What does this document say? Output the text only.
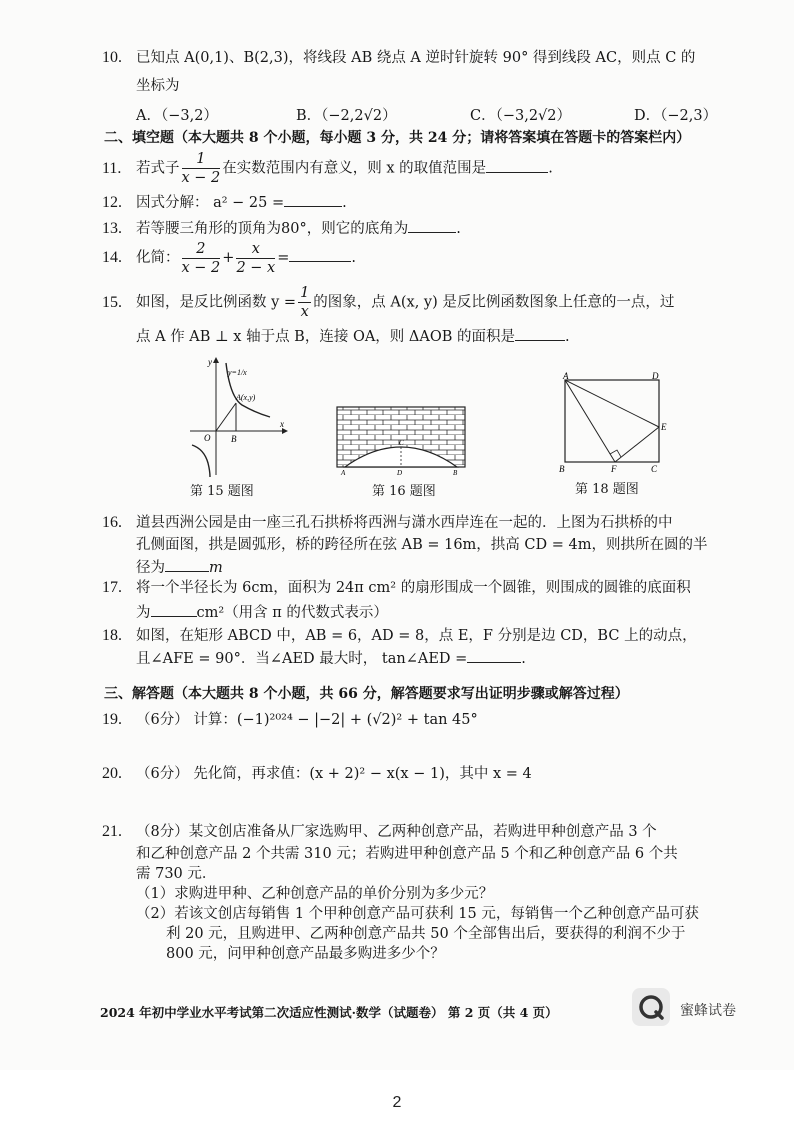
10. 已知点 A(0,1)、B(2,3)，将线段 AB 绕点 A 逆时针旋转 90° 得到线段 AC，则点 C 的
坐标为
A．（−3,2）	B．（−2,2√2）	C．（−3,2√2）	D．（−2,3）
二、填空题（本大题共 8 个小题，每小题 3 分，共 24 分；请将答案填在答题卡的答案栏内）
11. 若式子 $\frac{1}{x - 2}$ 在实数范围内有意义，则 x 的取值范围是	.
12. 因式分解： a² − 25 =	.
13. 若等腰三角形的顶角为80°，则它的底角为	.
14. 化简： $\frac{2}{x - 2} + \frac{x}{2 - x}$ =	.
15. 如图，是反比例函数 $y = \frac{1}{x}$ 的图象，点 A(x, y) 是反比例函数图象上任意的一点，过
点 A 作 AB ⊥ x 轴于点 B，连接 OA，则 ΔAOB 的面积是	.
y
x
O B
y=1/x
A(x,y)
第 15 题图
A	B
C
D
第 16 题图
A	D
E
B	F	C
第 18 题图
16. 道县西洲公园是由一座三孔石拱桥将西洲与潇水西岸连在一起的．上图为石拱桥的中
孔侧面图，拱是圆弧形，桥的跨径所在弦 AB = 16m，拱高 CD = 4m，则拱所在圆的半
径为	m
17. 将一个半径长为 6cm，面积为 24π cm² 的扇形围成一个圆锥，则围成的圆锥的底面积
为	cm²（用含 π 的代数式表示）
18. 如图，在矩形 ABCD 中，AB = 6，AD = 8，点 E，F 分别是边 CD，BC 上的动点，
且∠AFE = 90°．当∠AED 最大时， tan∠AED =	.
三、解答题（本大题共 8 个小题，共 66 分，解答题要求写出证明步骤或解答过程）
19. （6分） 计算：(−1)²⁰²⁴ − |−2| + (√2)² + tan 45°
20. （6分） 先化简，再求值：(x + 2)² − x(x − 1)，其中 x = 4
21. （8分）某文创店准备从厂家选购甲、乙两种创意产品，若购进甲种创意产品 3 个
和乙种创意产品 2 个共需 310 元；若购进甲种创意产品 5 个和乙种创意产品 6 个共
需 730 元．
（1）求购进甲种、乙种创意产品的单价分别为多少元？
（2）若该文创店每销售 1 个甲种创意产品可获利 15 元，每销售一个乙种创意产品可获
利 20 元，且购进甲、乙两种创意产品共 50 个全部售出后，要获得的利润不少于
800 元，问甲种创意产品最多购进多少个？
2024 年初中学业水平考试第二次适应性测试·数学（试题卷） 第 2 页（共 4 页）	蜜蜂试卷
2
